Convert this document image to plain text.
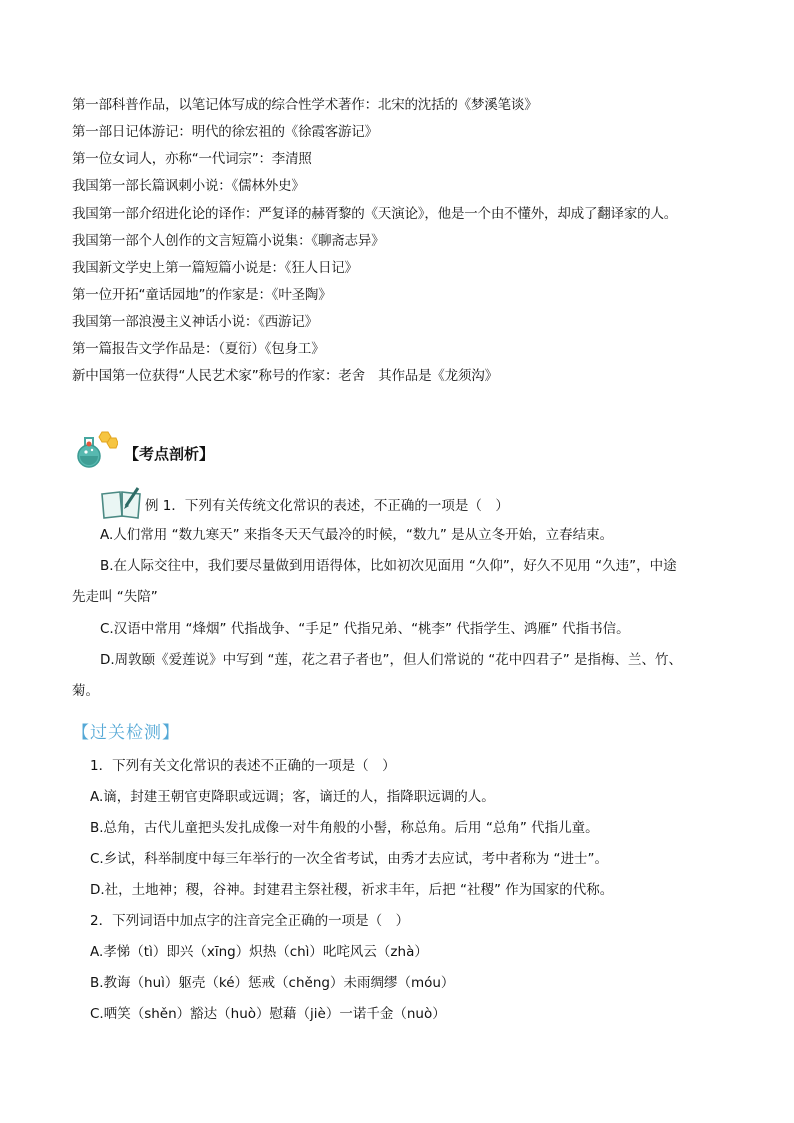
第一部科普作品，以笔记体写成的综合性学术著作：北宋的沈括的《梦溪笔谈》
第一部日记体游记：明代的徐宏祖的《徐霞客游记》
第一位女词人，亦称“一代词宗”：李清照
我国第一部长篇讽刺小说：《儒林外史》
我国第一部介绍进化论的译作：严复译的赫胥黎的《天演论》，他是一个由不懂外，却成了翻译家的人。
我国第一部个人创作的文言短篇小说集：《聊斋志异》
我国新文学史上第一篇短篇小说是：《狂人日记》
第一位开拓“童话园地”的作家是：《叶圣陶》
我国第一部浪漫主义神话小说：《西游记》
第一篇报告文学作品是：（夏衍）《包身工》
新中国第一位获得“人民艺术家”称号的作家：老舍　其作品是《龙须沟》
【考点剖析】
例 1．下列有关传统文化常识的表述，不正确的一项是（　）
A.人们常用 “数九寒天” 来指冬天天气最冷的时候，“数九” 是从立冬开始，立春结束。
B.在人际交往中，我们要尽量做到用语得体，比如初次见面用 “久仰”，好久不见用 “久违”，中途
先走叫 “失陪”
C.汉语中常用 “烽烟” 代指战争、“手足” 代指兄弟、“桃李” 代指学生、鸿雁” 代指书信。
D.周敦颐《爱莲说》中写到 “莲，花之君子者也”，但人们常说的 “花中四君子” 是指梅、兰、竹、
菊。
【过关检测】
1．下列有关文化常识的表述不正确的一项是（　）
A.谪，封建王朝官吏降职或远调；客，谪迁的人，指降职远调的人。
B.总角，古代儿童把头发扎成像一对牛角般的小髻，称总角。后用 “总角” 代指儿童。
C.乡试，科举制度中每三年举行的一次全省考试，由秀才去应试，考中者称为 “进士”。
D.社，土地神；稷，谷神。封建君主祭社稷，祈求丰年，后把 “社稷” 作为国家的代称。
2．下列词语中加点字的注音完全正确的一项是（　）
A.孝悌（tì）即兴（xīng）炽热（chì）叱咤风云（zhà）
B.教诲（huì）躯壳（ké）惩戒（chěng）未雨绸缪（móu）
C.哂笑（shěn）豁达（huò）慰藉（jiè）一诺千金（nuò）
